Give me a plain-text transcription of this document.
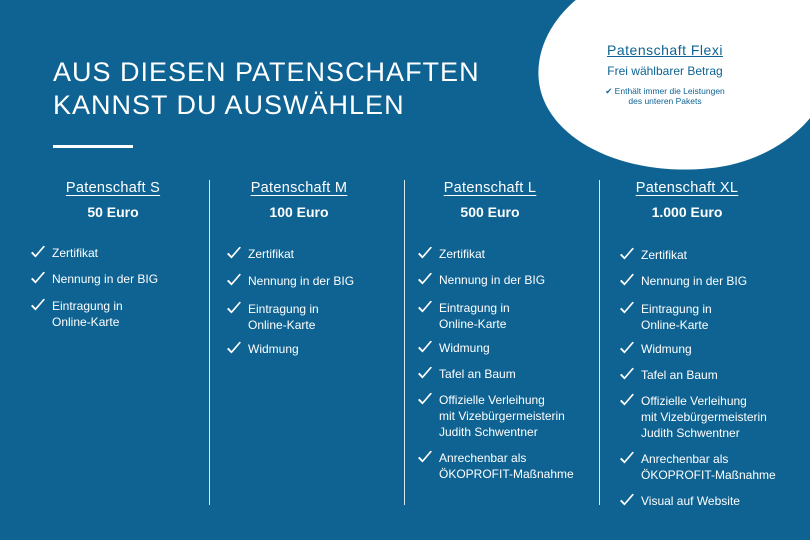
AUS DIESEN PATENSCHAFTEN
KANNST DU AUSWÄHLEN
Patenschaft Flexi
Frei wählbarer Betrag
✔ Enthält immer die Leistungen
des unteren Pakets
Patenschaft S
50 Euro
Zertifikat
Nennung in der BIG
Eintragung in
Online-Karte
Patenschaft M
100 Euro
Zertifikat
Nennung in der BIG
Eintragung in
Online-Karte
Widmung
Patenschaft L
500 Euro
Zertifikat
Nennung in der BIG
Eintragung in
Online-Karte
Widmung
Tafel an Baum
Offizielle Verleihung
mit Vizebürgermeisterin
Judith Schwentner
Anrechenbar als
ÖKOPROFIT-Maßnahme
Patenschaft XL
1.000 Euro
Zertifikat
Nennung in der BIG
Eintragung in
Online-Karte
Widmung
Tafel an Baum
Offizielle Verleihung
mit Vizebürgermeisterin
Judith Schwentner
Anrechenbar als
ÖKOPROFIT-Maßnahme
Visual auf Website
